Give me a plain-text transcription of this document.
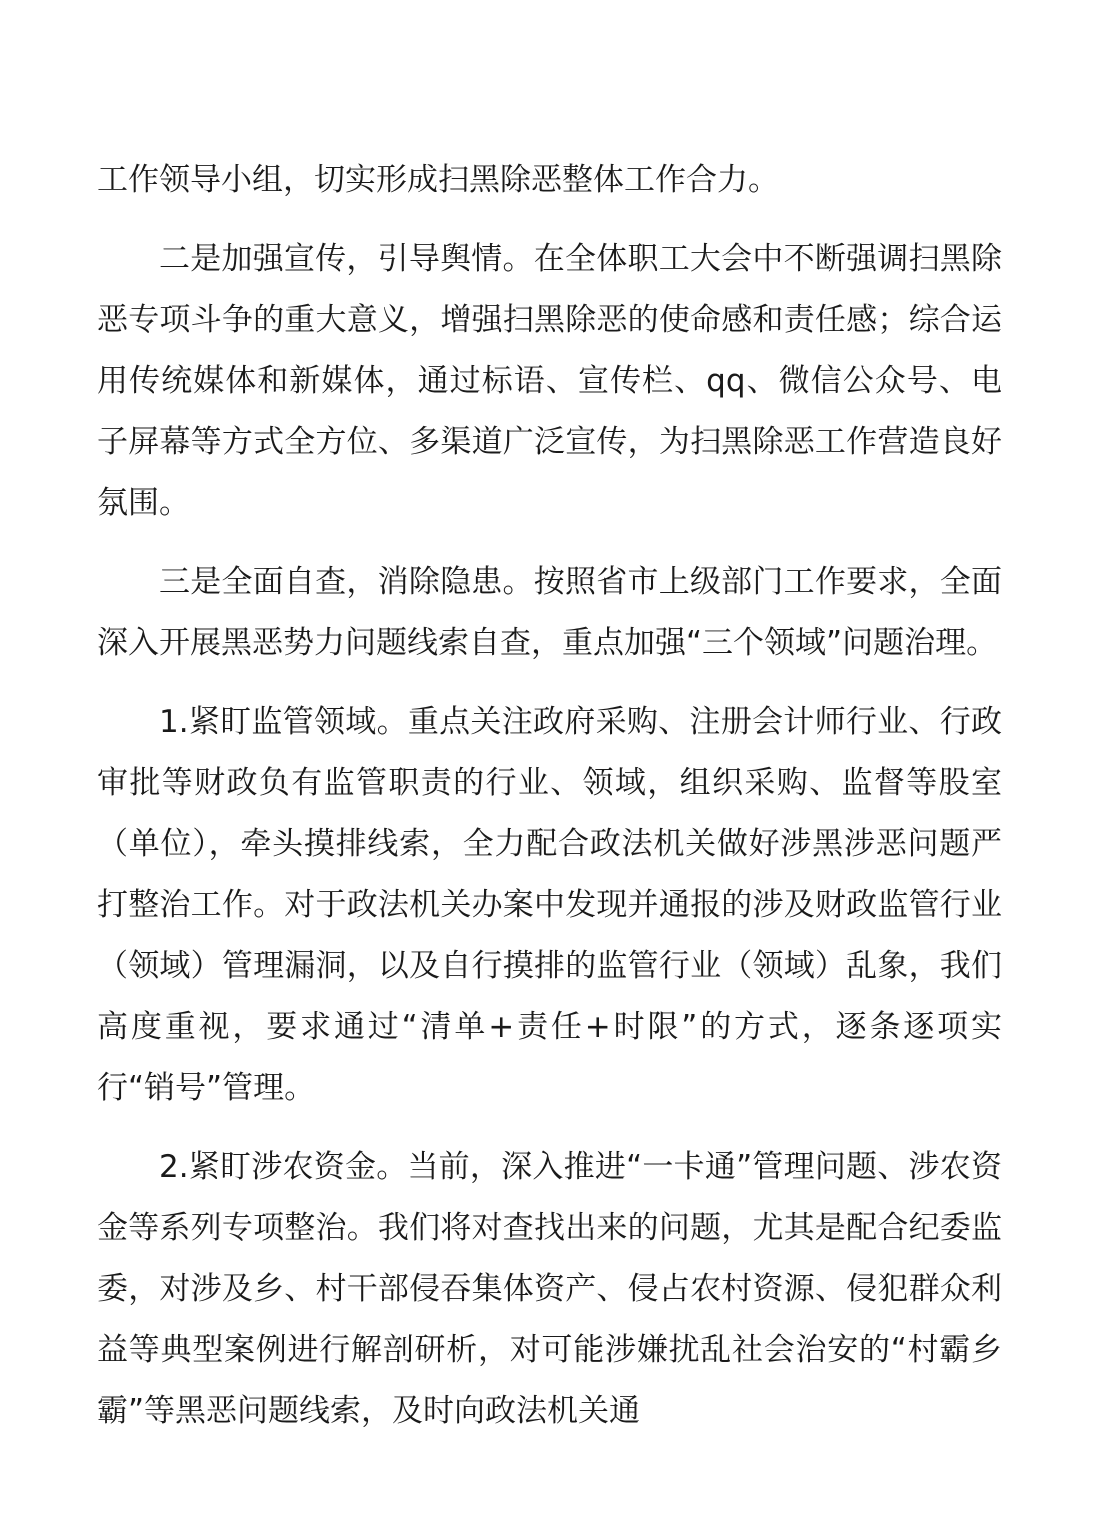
工作领导小组，切实形成扫黑除恶整体工作合力。

二是加强宣传，引导舆情。在全体职工大会中不断强调扫黑除恶专项斗争的重大意义，增强扫黑除恶的使命感和责任感；综合运用传统媒体和新媒体，通过标语、宣传栏、qq、微信公众号、电子屏幕等方式全方位、多渠道广泛宣传，为扫黑除恶工作营造良好氛围。

三是全面自查，消除隐患。按照省市上级部门工作要求，全面深入开展黑恶势力问题线索自查，重点加强“三个领域”问题治理。

1.紧盯监管领域。重点关注政府采购、注册会计师行业、行政审批等财政负有监管职责的行业、领域，组织采购、监督等股室（单位），牵头摸排线索，全力配合政法机关做好涉黑涉恶问题严打整治工作。对于政法机关办案中发现并通报的涉及财政监管行业（领域）管理漏洞，以及自行摸排的监管行业（领域）乱象，我们高度重视，要求通过“清单+责任+时限”的方式，逐条逐项实行“销号”管理。

2.紧盯涉农资金。当前，深入推进“一卡通”管理问题、涉农资金等系列专项整治。我们将对查找出来的问题，尤其是配合纪委监委，对涉及乡、村干部侵吞集体资产、侵占农村资源、侵犯群众利益等典型案例进行解剖研析，对可能涉嫌扰乱社会治安的“村霸乡霸”等黑恶问题线索，及时向政法机关通
